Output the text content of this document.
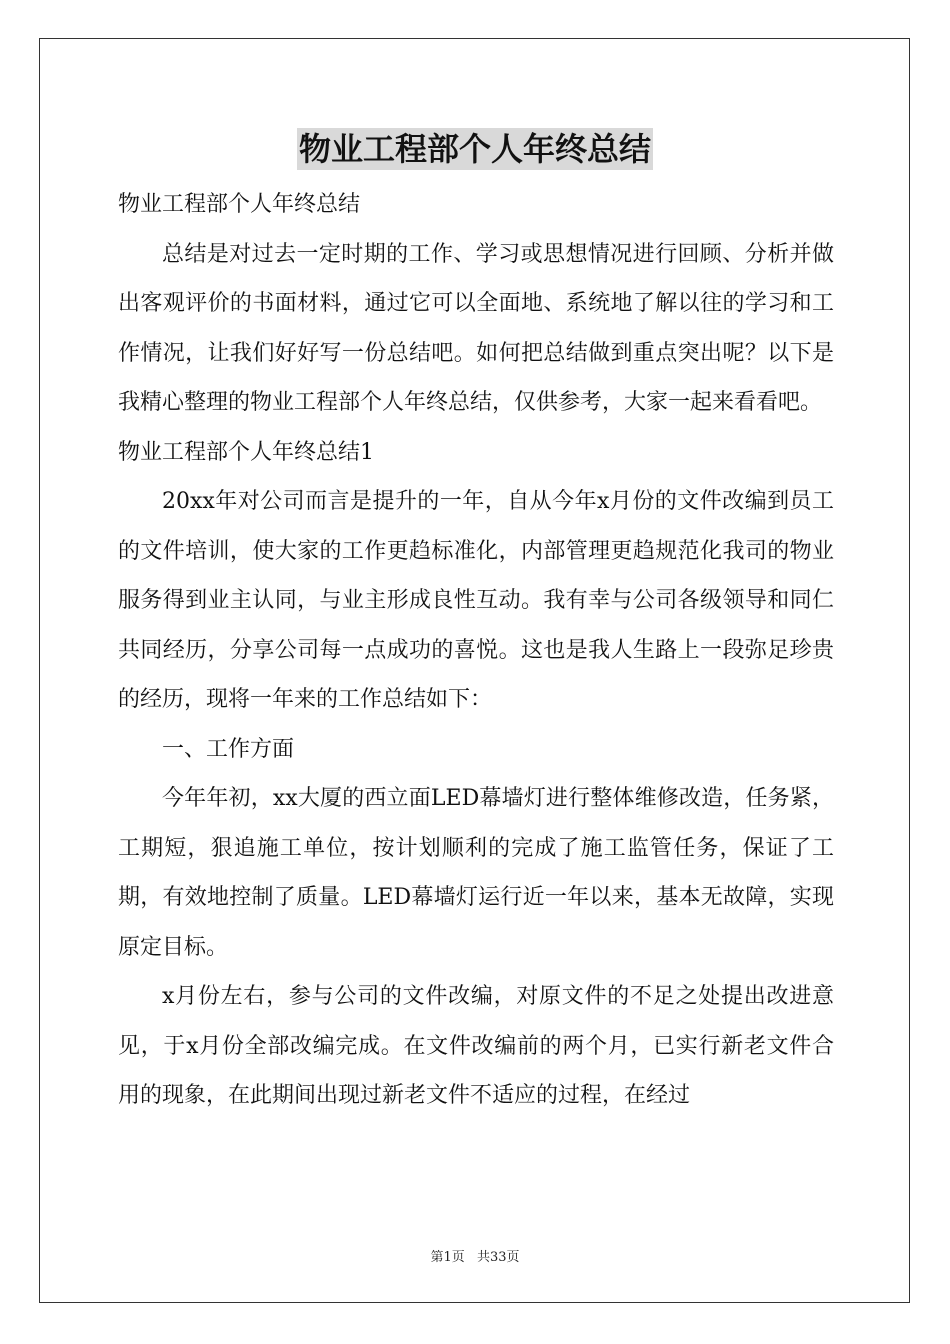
物业工程部个人年终总结

物业工程部个人年终总结

总结是对过去一定时期的工作、学习或思想情况进行回顾、分析并做出客观评价的书面材料，通过它可以全面地、系统地了解以往的学习和工作情况，让我们好好写一份总结吧。如何把总结做到重点突出呢？以下是我精心整理的物业工程部个人年终总结，仅供参考，大家一起来看看吧。

物业工程部个人年终总结1

20xx年对公司而言是提升的一年，自从今年x月份的文件改编到员工的文件培训，使大家的工作更趋标准化，内部管理更趋规范化我司的物业服务得到业主认同，与业主形成良性互动。我有幸与公司各级领导和同仁共同经历，分享公司每一点成功的喜悦。这也是我人生路上一段弥足珍贵的经历，现将一年来的工作总结如下：

一、工作方面

今年年初，xx大厦的西立面LED幕墙灯进行整体维修改造，任务紧，工期短，狠追施工单位，按计划顺利的完成了施工监管任务，保证了工期，有效地控制了质量。LED幕墙灯运行近一年以来，基本无故障，实现原定目标。

x月份左右，参与公司的文件改编，对原文件的不足之处提出改进意见，于x月份全部改编完成。在文件改编前的两个月，已实行新老文件合用的现象，在此期间出现过新老文件不适应的过程，在经过

第1页 共33页
